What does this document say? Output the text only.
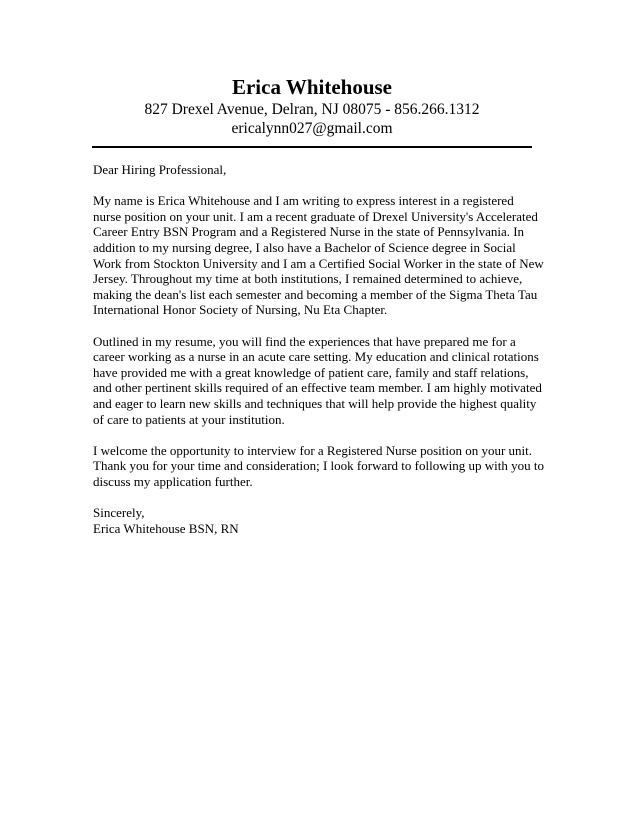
Erica Whitehouse

827 Drexel Avenue, Delran, NJ 08075 - 856.266.1312

ericalynn027@gmail.com

Dear Hiring Professional,

My name is Erica Whitehouse and I am writing to express interest in a registered nurse position on your unit. I am a recent graduate of Drexel University's Accelerated Career Entry BSN Program and a Registered Nurse in the state of Pennsylvania. In addition to my nursing degree, I also have a Bachelor of Science degree in Social Work from Stockton University and I am a Certified Social Worker in the state of New Jersey. Throughout my time at both institutions, I remained determined to achieve, making the dean's list each semester and becoming a member of the Sigma Theta Tau International Honor Society of Nursing, Nu Eta Chapter.

Outlined in my resume, you will find the experiences that have prepared me for a career working as a nurse in an acute care setting. My education and clinical rotations have provided me with a great knowledge of patient care, family and staff relations, and other pertinent skills required of an effective team member. I am highly motivated and eager to learn new skills and techniques that will help provide the highest quality of care to patients at your institution.

I welcome the opportunity to interview for a Registered Nurse position on your unit. Thank you for your time and consideration; I look forward to following up with you to discuss my application further.

Sincerely,

Erica Whitehouse BSN, RN
